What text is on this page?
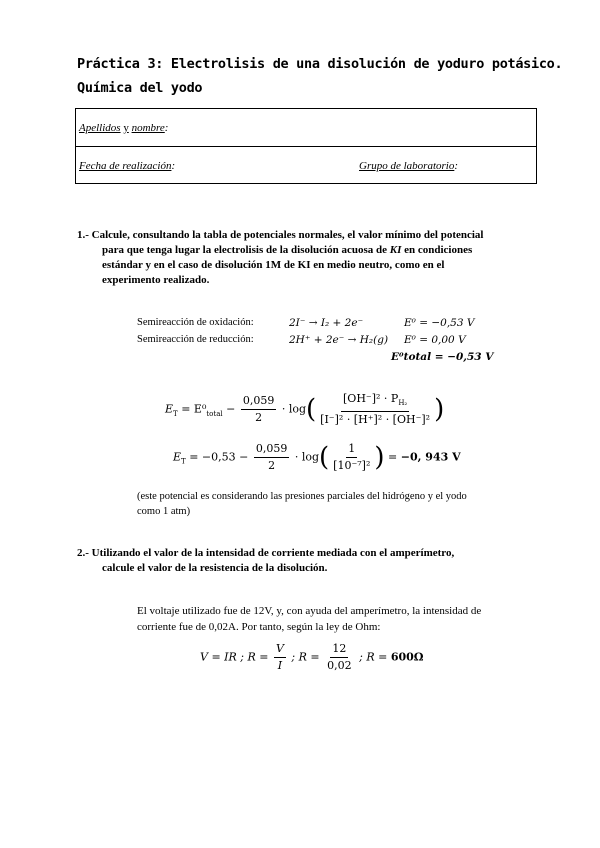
Práctica 3: Electrolisis de una disolución de yoduro potásico.
Química del yodo
Apellidos y nombre:
Fecha de realización:	Grupo de laboratorio:
1.- Calcule, consultando la tabla de potenciales normales, el valor mínimo del potencial
para que tenga lugar la electrolisis de la disolución acuosa de KI en condiciones
estándar y en el caso de disolución 1M de KI en medio neutro, como en el
experimento realizado.
Semireacción de oxidación:	2I⁻ → I₂ + 2e⁻	E⁰ = −0,53 V
Semireacción de reducción:	2H⁺ + 2e⁻ → H₂(g) E⁰ = 0,00 V
E⁰total = −0,53 V
$E_T = E^0_{total} - \frac{0,059}{2} \cdot \log( \frac{[OH^-]^2 \cdot P_{H_2}}{\text{[I⁻]² · [H⁺]² · [OH⁻]²}}$ )
$E_T = -0,53 - \frac{0,059}{2} \cdot \log( \frac{1}{\text{[10⁻⁷]²}}$ ) = −0, 943 V
(este potencial es considerando las presiones parciales del hidrógeno y el yodo
como 1 atm)
2.- Utilizando el valor de la intensidad de corriente mediada con el amperímetro,
calcule el valor de la resistencia de la disolución.
El voltaje utilizado fue de 12V, y, con ayuda del amperímetro, la intensidad de
corriente fue de 0,02A. Por tanto, según la ley de Ohm:
V = IR ; $R = \frac{V}{I}$ ; $R = \frac{12}{0,02}$ ; R = 600Ω
